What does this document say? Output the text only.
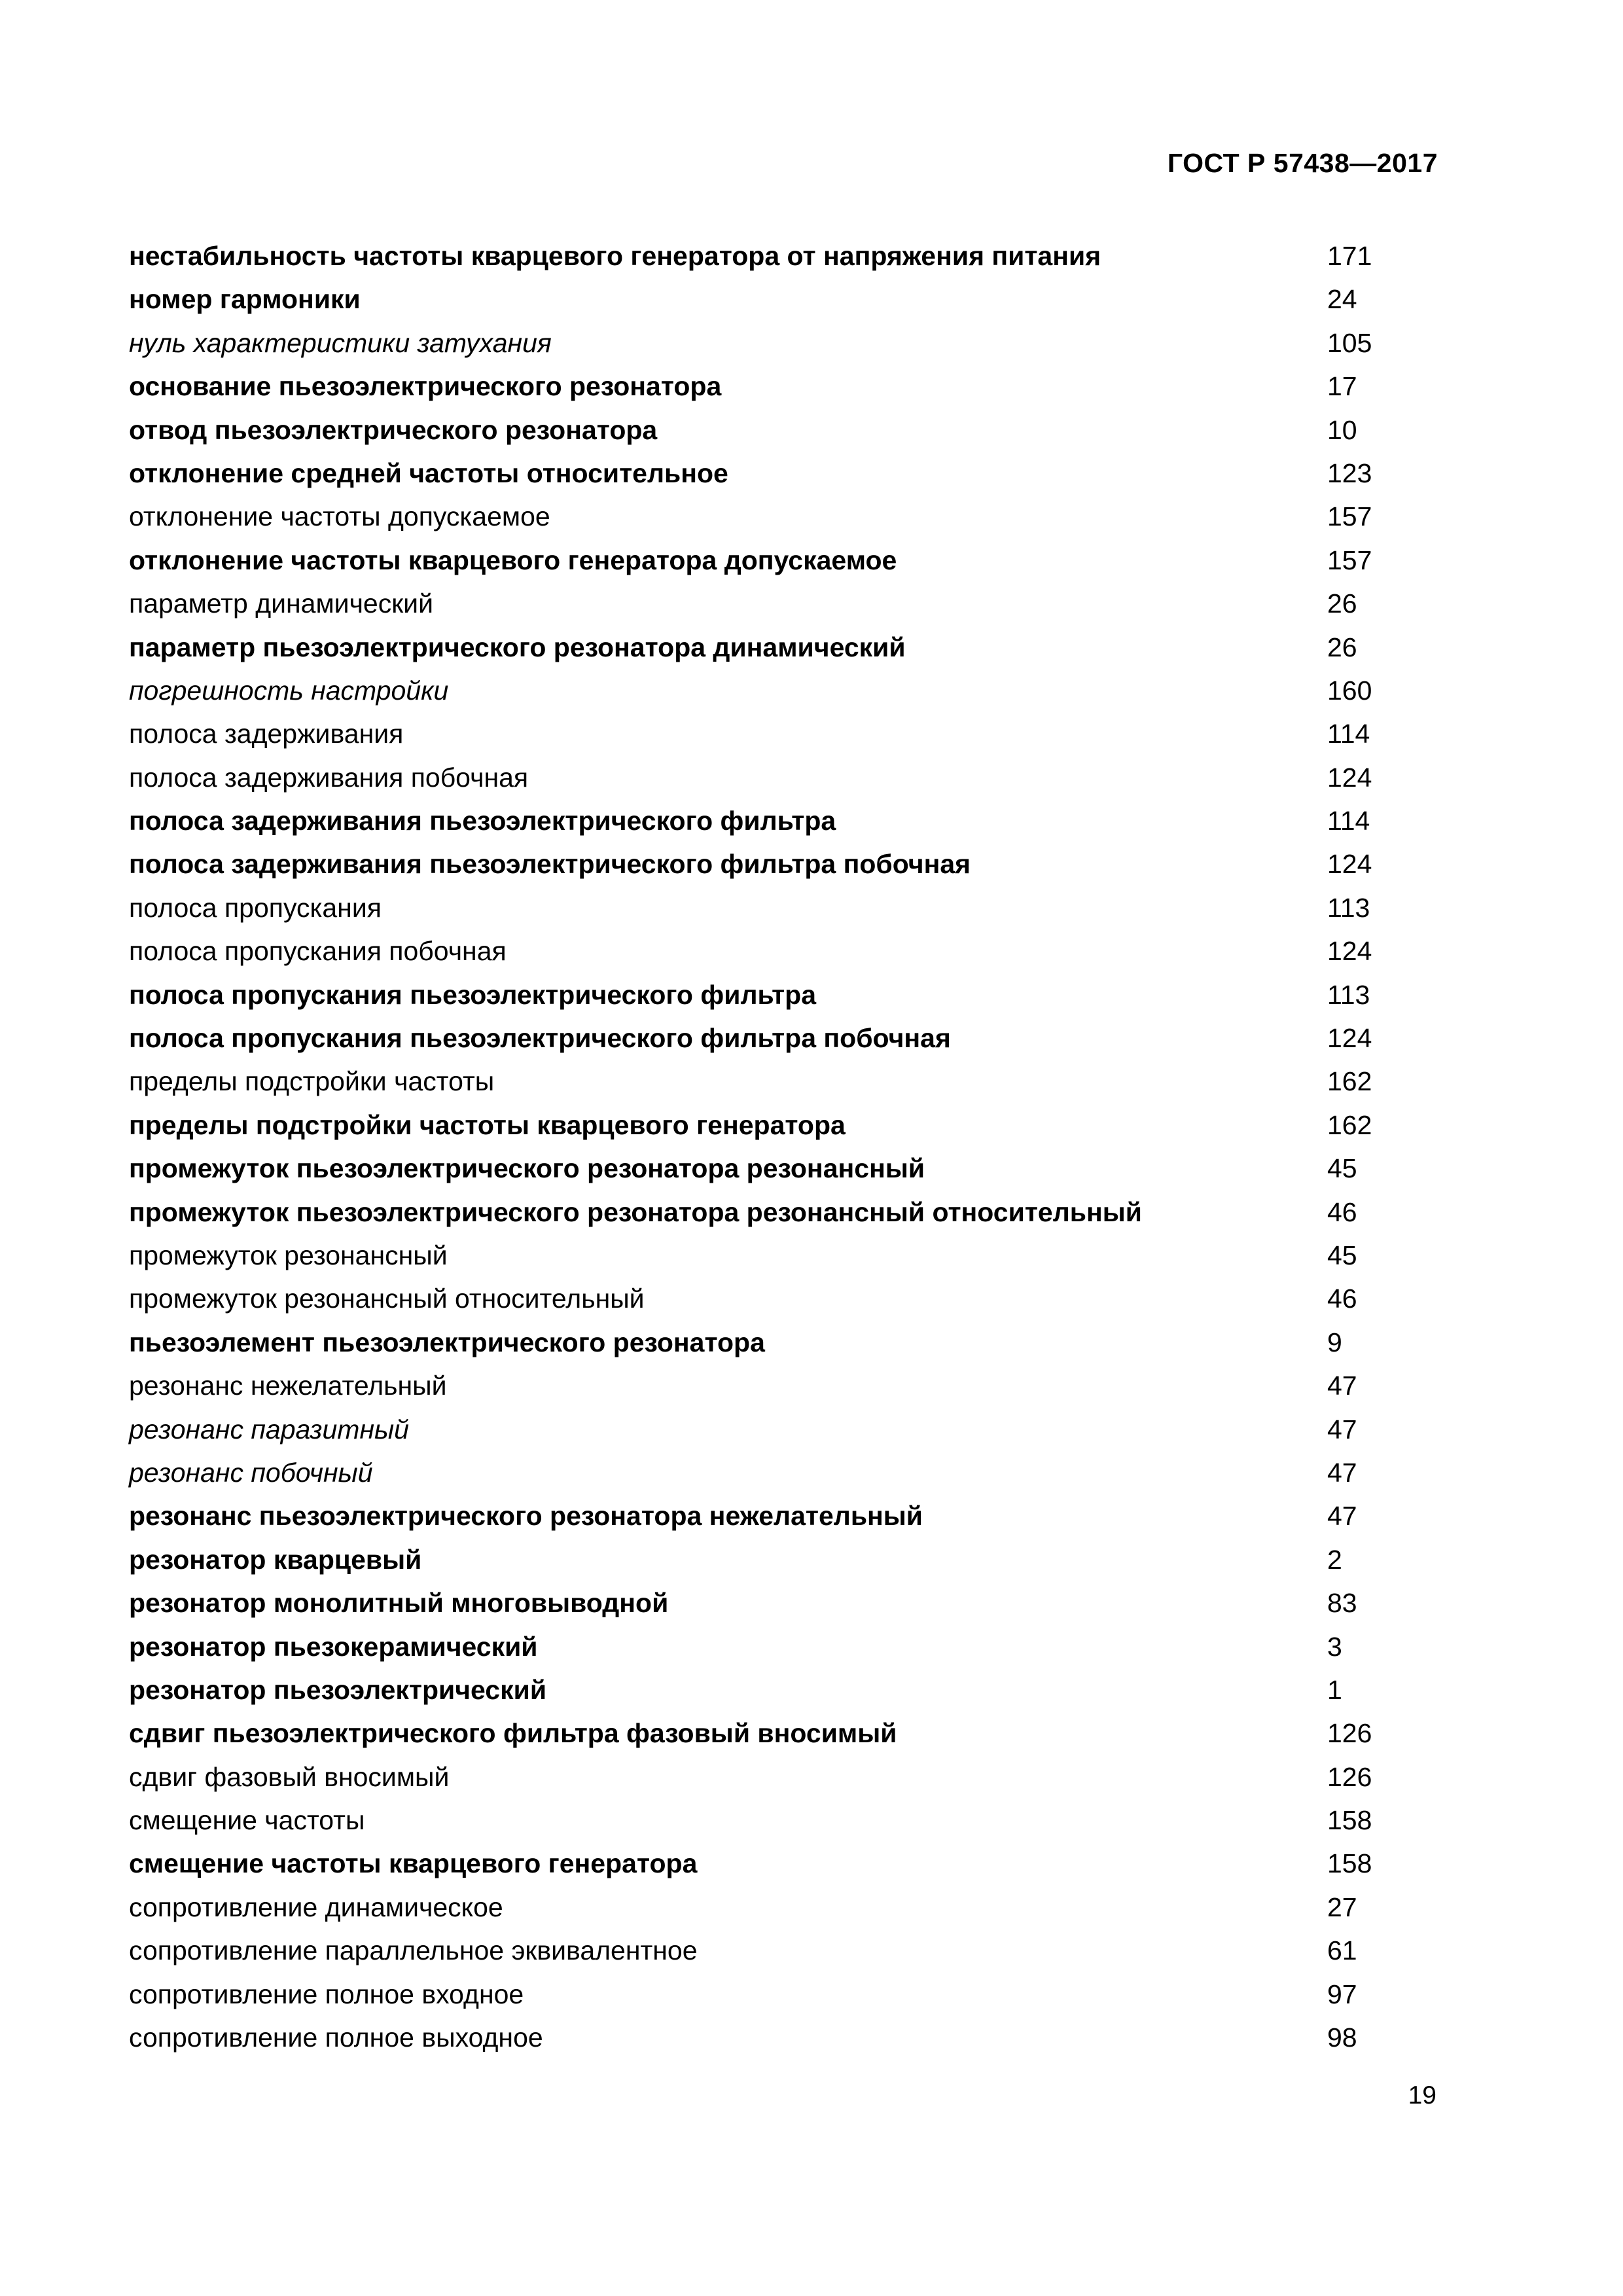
ГОСТ Р 57438—2017
нестабильность частоты кварцевого генератора от напряжения питания	171
номер гармоники	24
нуль характеристики затухания	105
основание пьезоэлектрического резонатора	17
отвод пьезоэлектрического резонатора	10
отклонение средней частоты относительное	123
отклонение частоты допускаемое	157
отклонение частоты кварцевого генератора допускаемое	157
параметр динамический	26
параметр пьезоэлектрического резонатора динамический	26
погрешность настройки	160
полоса задерживания	114
полоса задерживания побочная	124
полоса задерживания пьезоэлектрического фильтра	114
полоса задерживания пьезоэлектрического фильтра побочная	124
полоса пропускания	113
полоса пропускания побочная	124
полоса пропускания пьезоэлектрического фильтра	113
полоса пропускания пьезоэлектрического фильтра побочная	124
пределы подстройки частоты	162
пределы подстройки частоты кварцевого генератора	162
промежуток пьезоэлектрического резонатора резонансный	45
промежуток пьезоэлектрического резонатора резонансный относительный	46
промежуток резонансный	45
промежуток резонансный относительный	46
пьезоэлемент пьезоэлектрического резонатора	9
резонанс нежелательный	47
резонанс паразитный	47
резонанс побочный	47
резонанс пьезоэлектрического резонатора нежелательный	47
резонатор кварцевый	2
резонатор монолитный многовыводной	83
резонатор пьезокерамический	3
резонатор пьезоэлектрический	1
сдвиг пьезоэлектрического фильтра фазовый вносимый	126
сдвиг фазовый вносимый	126
смещение частоты	158
смещение частоты кварцевого генератора	158
сопротивление динамическое	27
сопротивление параллельное эквивалентное	61
сопротивление полное входное	97
сопротивление полное выходное	98
19
